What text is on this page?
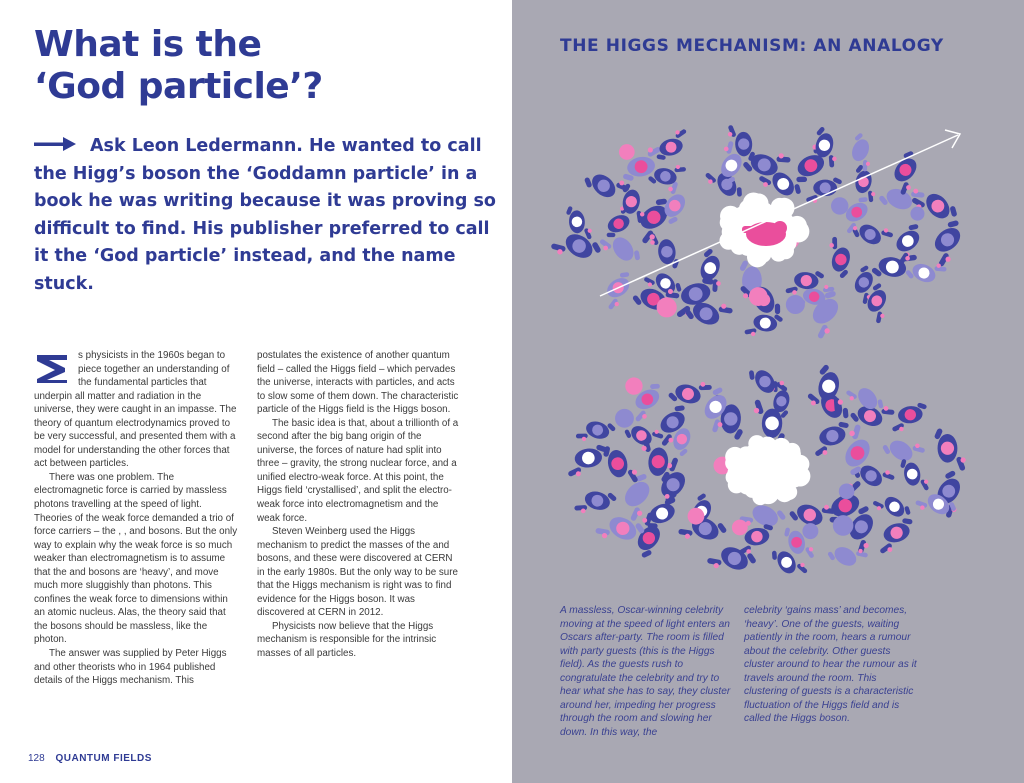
What is the
‘God particle’?
Ask Leon Ledermann. He wanted to call the Higg’s boson the ‘Goddamn particle’ in a book he was writing because it was proving so difficult to find. His publisher preferred to call it the ‘God particle’ instead, and the name stuck.

s physicists in the 1960s began to piece together an understanding of the fundamental particles that underpin all matter and radiation in the universe, they were caught in an impasse. The theory of quantum electrodynamics proved to be very successful, and presented them with a model for understanding the other forces that act between particles.

There was one problem. The electromagnetic force is carried by massless photons travelling at the speed of light. Theories of the weak force demanded a trio of force carriers – the , , and bosons. But the only way to explain why the weak force is so much weaker than electromagnetism is to assume that the and bosons are ‘heavy’, and move much more sluggishly than photons. This confines the weak force to dimensions within an atomic nucleus. Alas, the theory said that the bosons should be massless, like the photon.

The answer was supplied by Peter Higgs and other theorists who in 1964 published details of the Higgs mechanism. This

postulates the existence of another quantum field – called the Higgs field – which pervades the universe, interacts with particles, and acts to slow some of them down. The characteristic particle of the Higgs field is the Higgs boson.

The basic idea is that, about a trillionth of a second after the big bang origin of the universe, the forces of nature had split into three – gravity, the strong nuclear force, and a unified electro-weak force. At this point, the Higgs field ‘crystallised’, and split the electro-weak force into electromagnetism and the weak force.

Steven Weinberg used the Higgs mechanism to predict the masses of the and bosons, and these were discovered at CERN in the early 1980s. But the only way to be sure that the Higgs mechanism is right was to find evidence for the Higgs boson. It was discovered at CERN in 2012.

Physicists now believe that the Higgs mechanism is responsible for the intrinsic masses of all particles.

128 QUANTUM FIELDS
THE HIGGS MECHANISM: AN ANALOGY
A massless, Oscar-winning celebrity moving at the speed of light enters an Oscars after-party. The room is filled with party guests (this is the Higgs field). As the guests rush to congratulate the celebrity and try to hear what she has to say, they cluster around her, impeding her progress through the room and slowing her down. In this way, the
celebrity ‘gains mass’ and becomes, ‘heavy’. One of the guests, waiting patiently in the room, hears a rumour about the celebrity. Other guests cluster around to hear the rumour as it travels around the room. This clustering of guests is a characteristic fluctuation of the Higgs field and is called the Higgs boson.
